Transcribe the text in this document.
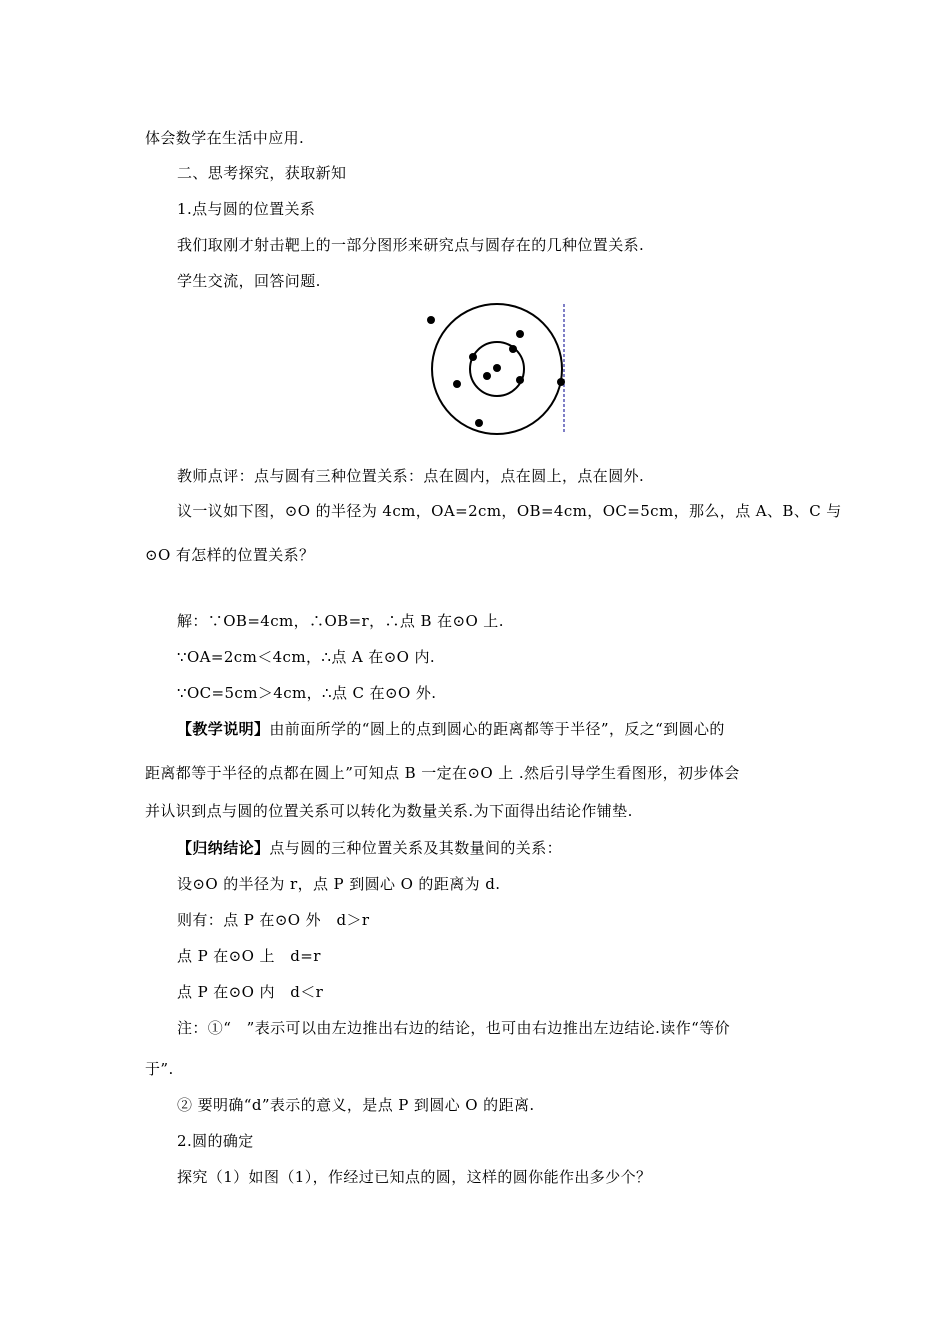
体会数学在生活中应用.
二、思考探究，获取新知
1.点与圆的位置关系
我们取刚才射击靶上的一部分图形来研究点与圆存在的几种位置关系.
学生交流，回答问题.
教师点评：点与圆有三种位置关系：点在圆内，点在圆上，点在圆外.
议一议如下图，⊙O 的半径为 4cm，OA=2cm，OB=4cm，OC=5cm，那么，点 A、B、C 与
⊙O 有怎样的位置关系？
解：∵OB=4cm，∴OB=r，∴点 B 在⊙O 上.
∵OA=2cm＜4cm，∴点 A 在⊙O 内.
∵OC=5cm＞4cm，∴点 C 在⊙O 外.
【教学说明】由前面所学的“圆上的点到圆心的距离都等于半径”，反之“到圆心的
距离都等于半径的点都在圆上”可知点 B 一定在⊙O 上 .然后引导学生看图形，初步体会
并认识到点与圆的位置关系可以转化为数量关系.为下面得出结论作铺垫.
【归纳结论】点与圆的三种位置关系及其数量间的关系：
设⊙O 的半径为 r，点 P 到圆心 O 的距离为 d.
则有：点 P 在⊙O 外　d＞r
点 P 在⊙O 上　d=r
点 P 在⊙O 内　d＜r
注：①“　”表示可以由左边推出右边的结论，也可由右边推出左边结论.读作“等价
于”.
② 要明确“d”表示的意义，是点 P 到圆心 O 的距离.
2.圆的确定
探究（1）如图（1），作经过已知点的圆，这样的圆你能作出多少个？
